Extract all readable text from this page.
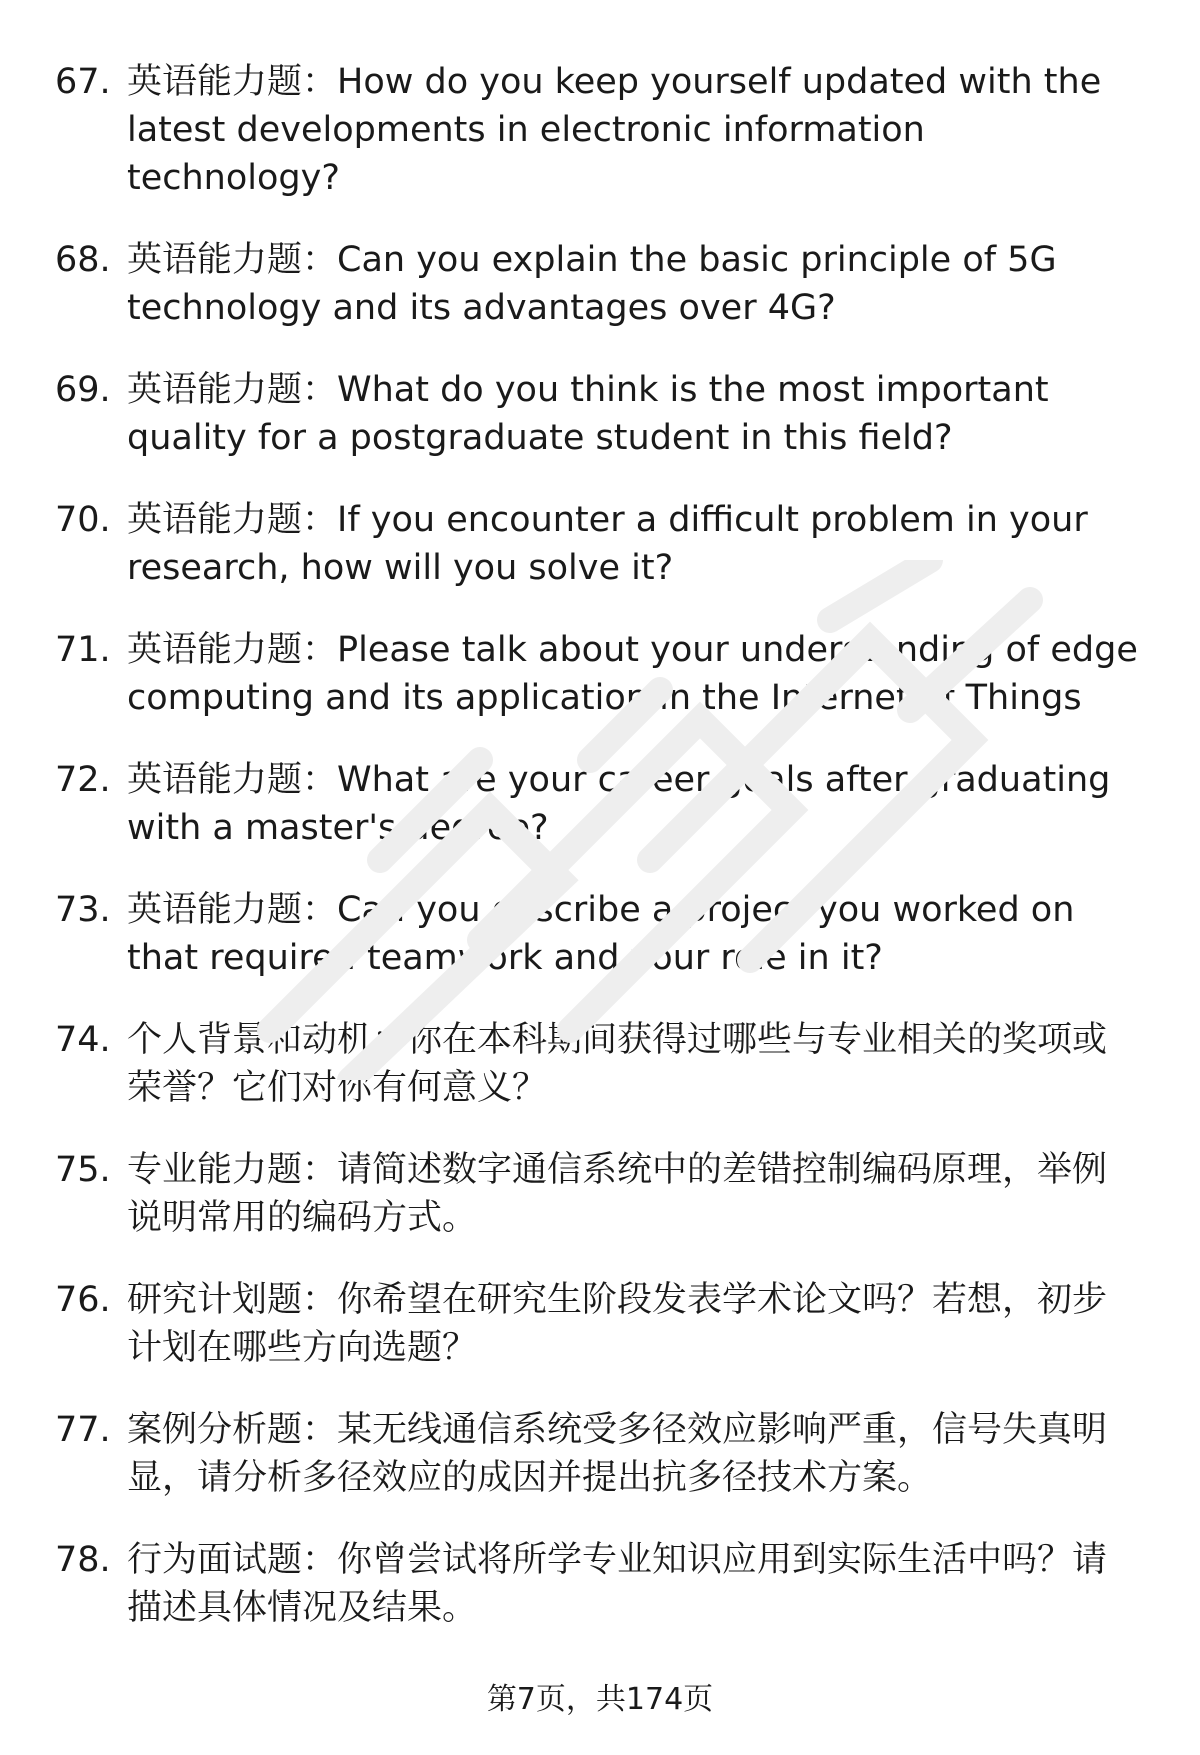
67. 英语能力题：How do you keep yourself updated with the latest developments in electronic information technology?
68. 英语能力题：Can you explain the basic principle of 5G technology and its advantages over 4G?
69. 英语能力题：What do you think is the most important quality for a postgraduate student in this field?
70. 英语能力题：If you encounter a difficult problem in your research, how will you solve it?
71. 英语能力题：Please talk about your understanding of edge computing and its application in the Internet of Things
72. 英语能力题：What are your career goals after graduating with a master's degree?
73. 英语能力题：Can you describe a project you worked on that required teamwork and your role in it?
74. 个人背景和动机：你在本科期间获得过哪些与专业相关的奖项或荣誉？它们对你有何意义？
75. 专业能力题：请简述数字通信系统中的差错控制编码原理，举例说明常用的编码方式。
76. 研究计划题：你希望在研究生阶段发表学术论文吗？若想，初步计划在哪些方向选题？
77. 案例分析题：某无线通信系统受多径效应影响严重，信号失真明显，请分析多径效应的成因并提出抗多径技术方案。
78. 行为面试题：你曾尝试将所学专业知识应用到实际生活中吗？请描述具体情况及结果。
第7页，共174页
